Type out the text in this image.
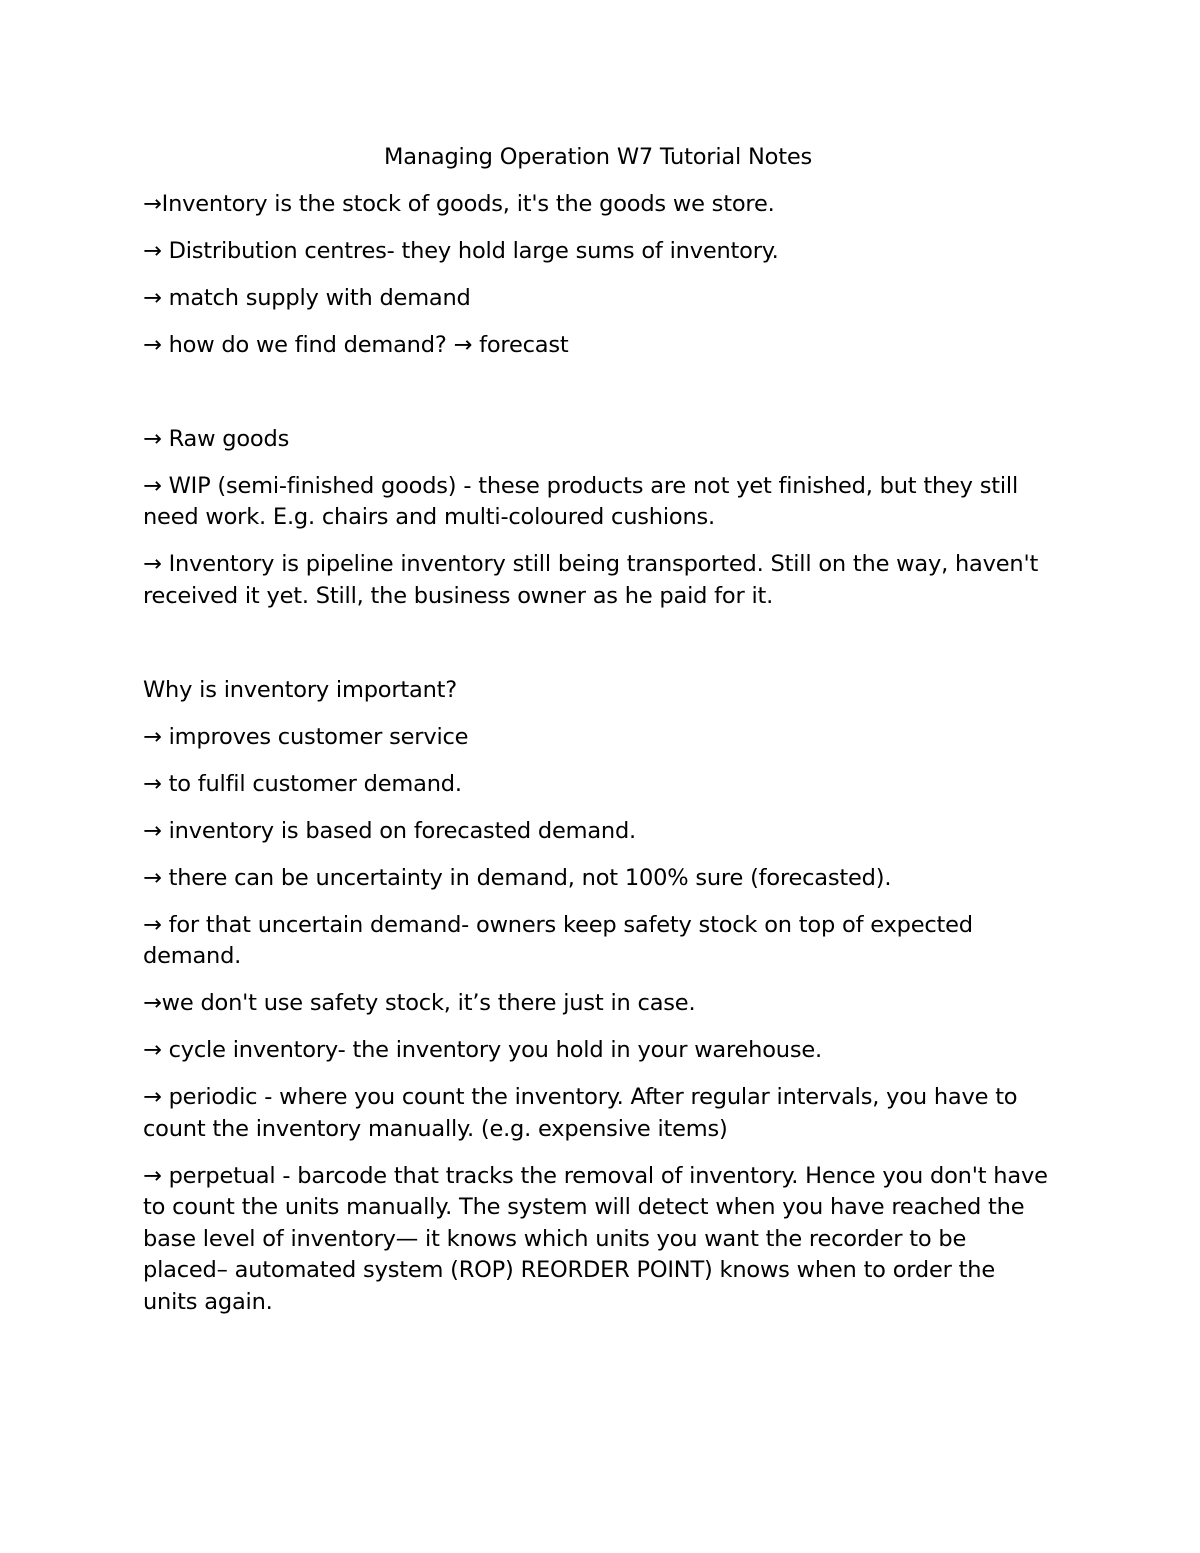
Managing Operation W7 Tutorial Notes

→Inventory is the stock of goods, it's the goods we store.

→ Distribution centres- they hold large sums of inventory.

→ match supply with demand

→ how do we find demand? → forecast

→ Raw goods

→ WIP (semi-finished goods) - these products are not yet finished, but they still need work. E.g. chairs and multi-coloured cushions.

→ Inventory is pipeline inventory still being transported. Still on the way, haven't received it yet. Still, the business owner as he paid for it.

Why is inventory important?

→ improves customer service

→ to fulfil customer demand.

→ inventory is based on forecasted demand.

→ there can be uncertainty in demand, not 100% sure (forecasted).

→ for that uncertain demand- owners keep safety stock on top of expected demand.

→we don't use safety stock, it’s there just in case.

→ cycle inventory- the inventory you hold in your warehouse.

→ periodic - where you count the inventory. After regular intervals, you have to count the inventory manually. (e.g. expensive items)

→ perpetual - barcode that tracks the removal of inventory. Hence you don't have to count the units manually. The system will detect when you have reached the base level of inventory— it knows which units you want the recorder to be placed– automated system (ROP) REORDER POINT) knows when to order the units again.
